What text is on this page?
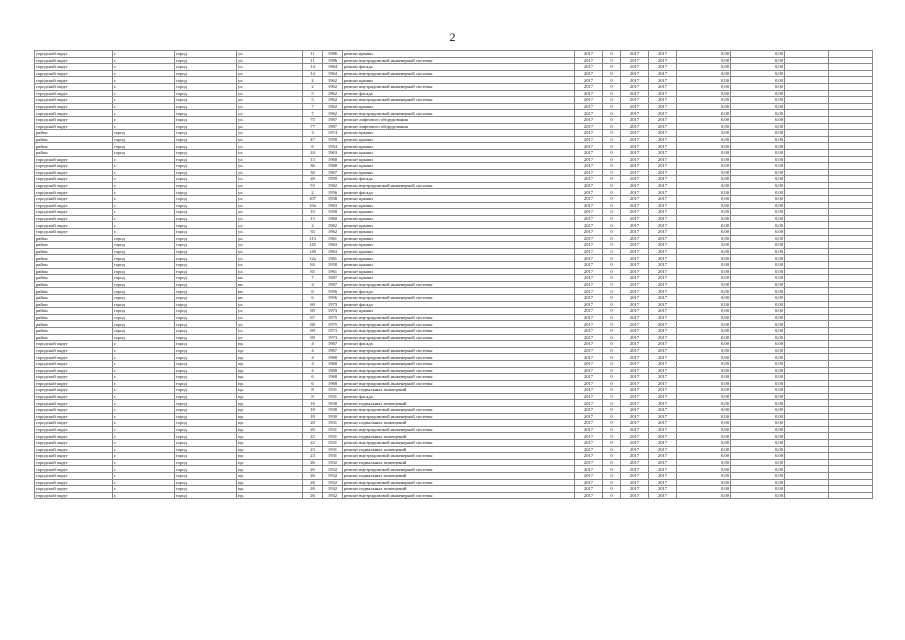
2
городской округ	г.	город	ул.	11	1986	ремонт крыши	2017	0	2017	2017	0,00	0,00		
городской округ	г.	город	ул.	11	1986	ремонт внутридомовой инженерной системы	2017	0	2017	2017	0,00	0,00		
городской округ	г.	город	ул.	14	1964	ремонт фасада	2017	0	2017	2017	0,00	0,00		
городской округ	г.	город	ул.	14	1964	ремонт внутридомовой инженерной системы	2017	0	2017	2017	0,00	0,00		
городской округ	г.	город	ул.	2	1962	ремонт крыши	2017	0	2017	2017	0,00	0,00		
городской округ	г.	город	ул.	2	1962	ремонт внутридомовой инженерной системы	2017	0	2017	2017	0,00	0,00		
городской округ	г.	город	ул.	5	1962	ремонт фасада	2017	0	2017	2017	0,00	0,00		
городской округ	г.	город	ул.	5	1962	ремонт внутридомовой инженерной системы	2017	0	2017	2017	0,00	0,00		
городской округ	г.	город	ул.	7	1962	ремонт крыши	2017	0	2017	2017	0,00	0,00		
городской округ	г.	город	ул.	7	1962	ремонт внутридомовой инженерной системы	2017	0	2017	2017	0,00	0,00		
городской округ	г.	город	ул.	75	1987	ремонт лифтового оборудования	2017	0	2017	2017	0,00	0,00		
городской округ	г.	город	ул.	77	1987	ремонт лифтового оборудования	2017	0	2017	2017	0,00	0,00		
район	город	город	ул.	3	1974	ремонт крыши	2017	0	2017	2017	0,00	0,00		
район	город	город	ул.	47	1958	ремонт крыши	2017	0	2017	2017	0,00	0,00		
район	город	город	ул.	6	1954	ремонт крыши	2017	0	2017	2017	0,00	0,00		
район	город	город	ул.	24	1963	ремонт крыши	2017	0	2017	2017	0,00	0,00		
городской округ	г.	город	ул.	13	1960	ремонт крыши	2017	0	2017	2017	0,00	0,00		
городской округ	г.	город	ул.	36	1968	ремонт крыши	2017	0	2017	2017	0,00	0,00		
городской округ	г.	город	ул.	38	1967	ремонт крыши	2017	0	2017	2017	0,00	0,00		
городской округ	г.	город	ул.	28	1959	ремонт фасада	2017	0	2017	2017	0,00	0,00		
городской округ	г.	город	ул.	53	1982	ремонт внутридомовой инженерной системы	2017	0	2017	2017	0,00	0,00		
городской округ	г.	город	ул.	2	1956	ремонт фасада	2017	0	2017	2017	0,00	0,00		
городской округ	г.	город	ул.	107	1958	ремонт крыши	2017	0	2017	2017	0,00	0,00		
городской округ	г.	город	ул.	10а	1963	ремонт крыши	2017	0	2017	2017	0,00	0,00		
городской округ	г.	город	ул.	10	1958	ремонт крыши	2017	0	2017	2017	0,00	0,00		
городской округ	г.	город	ул.	13	1960	ремонт крыши	2017	0	2017	2017	0,00	0,00		
городской округ	г.	город	ул.	2	1962	ремонт крыши	2017	0	2017	2017	0,00	0,00		
городской округ	г.	город	ул.	35	1962	ремонт крыши	2017	0	2017	2017	0,00	0,00		
район	город	город	ул.	113	1961	ремонт крыши	2017	0	2017	2017	0,00	0,00		
район	город	город	ул.	145	1963	ремонт крыши	2017	0	2017	2017	0,00	0,00		
район	город	город	ул.	149	1963	ремонт крыши	2017	0	2017	2017	0,00	0,00		
район	город	город	ул.	12а	1961	ремонт крыши	2017	0	2017	2017	0,00	0,00		
район	город	город	ул.	84	1958	ремонт крыши	2017	0	2017	2017	0,00	0,00		
район	город	город	ул.	65	1961	ремонт крыши	2017	0	2017	2017	0,00	0,00		
район	город	город	кв.	7	1987	ремонт крыши	2017	0	2017	2017	0,00	0,00		
район	город	город	кв.	4	1987	ремонт внутридомовой инженерной системы	2017	0	2017	2017	0,00	0,00		
район	город	город	кв.	6	1956	ремонт фасада	2017	0	2017	2017	0,00	0,00		
район	город	город	кв.	6	1956	ремонт внутридомовой инженерной системы	2017	0	2017	2017	0,00	0,00		
район	город	город	ул.	69	1973	ремонт фасада	2017	0	2017	2017	0,00	0,00		
район	город	город	ул.	69	1973	ремонт крыши	2017	0	2017	2017	0,00	0,00		
район	город	город	ул.	67	1975	ремонт внутридомовой инженерной системы	2017	0	2017	2017	0,00	0,00		
район	город	город	ул.	68	1975	ремонт внутридомовой инженерной системы	2017	0	2017	2017	0,00	0,00		
район	город	город	ул.	69	1973	ремонт внутридомовой инженерной системы	2017	0	2017	2017	0,00	0,00		
район	город	город	ул.	69	1973	ремонт внутридомовой инженерной системы	2017	0	2017	2017	0,00	0,00		
городской округ	г.	город	пр.	4	1967	ремонт фасада	2017	0	2017	2017	0,00	0,00		
городской округ	г.	город	пр.	4	1967	ремонт внутридомовой инженерной системы	2017	0	2017	2017	0,00	0,00		
городской округ	г.	город	пр.	4	1968	ремонт внутридомовой инженерной системы	2017	0	2017	2017	0,00	0,00		
городской округ	г.	город	пр.	4	1968	ремонт внутридомовой инженерной системы	2017	0	2017	2017	0,00	0,00		
городской округ	г.	город	пр.	4	1968	ремонт внутридомовой инженерной системы	2017	0	2017	2017	0,00	0,00		
городской округ	г.	город	пр.	6	1968	ремонт внутридомовой инженерной системы	2017	0	2017	2017	0,00	0,00		
городской округ	г.	город	пр.	6	1968	ремонт внутридомовой инженерной системы	2017	0	2017	2017	0,00	0,00		
городской округ	г.	город	пр.	8	1931	ремонт подвальных помещений	2017	0	2017	2017	0,00	0,00		
городской округ	г.	город	пр.	8	1931	ремонт фасада	2017	0	2017	2017	0,00	0,00		
городской округ	г.	город	пр.	16	1930	ремонт подвальных помещений	2017	0	2017	2017	0,00	0,00		
городской округ	г.	город	пр.	18	1930	ремонт внутридомовой инженерной системы	2017	0	2017	2017	0,00	0,00		
городской округ	г.	город	пр.	18	1930	ремонт внутридомовой инженерной системы	2017	0	2017	2017	0,00	0,00		
городской округ	г.	город	пр.	20	1931	ремонт подвальных помещений	2017	0	2017	2017	0,00	0,00		
городской округ	г.	город	пр.	20	1931	ремонт внутридомовой инженерной системы	2017	0	2017	2017	0,00	0,00		
городской округ	г.	город	пр.	22	1931	ремонт подвальных помещений	2017	0	2017	2017	0,00	0,00		
городской округ	г.	город	пр.	22	1931	ремонт внутридомовой инженерной системы	2017	0	2017	2017	0,00	0,00		
городской округ	г.	город	пр.	23	1931	ремонт подвальных помещений	2017	0	2017	2017	0,00	0,00		
городской округ	г.	город	пр.	23	1931	ремонт внутридомовой инженерной системы	2017	0	2017	2017	0,00	0,00		
городской округ	г.	город	пр.	26	1932	ремонт подвальных помещений	2017	0	2017	2017	0,00	0,00		
городской округ	г.	город	пр.	26	1932	ремонт внутридомовой инженерной системы	2017	0	2017	2017	0,00	0,00		
городской округ	г.	город	пр.	26	1932	ремонт подвальных помещений	2017	0	2017	2017	0,00	0,00		
городской округ	г.	город	пр.	26	1932	ремонт внутридомовой инженерной системы	2017	0	2017	2017	0,00	0,00		
городской округ	г.	город	пр.	26	1932	ремонт подвальных помещений	2017	0	2017	2017	0,00	0,00		
городской округ	г.	город	пр.	26	1932	ремонт внутридомовой инженерной системы	2017	0	2017	2017	0,00	0,00		
